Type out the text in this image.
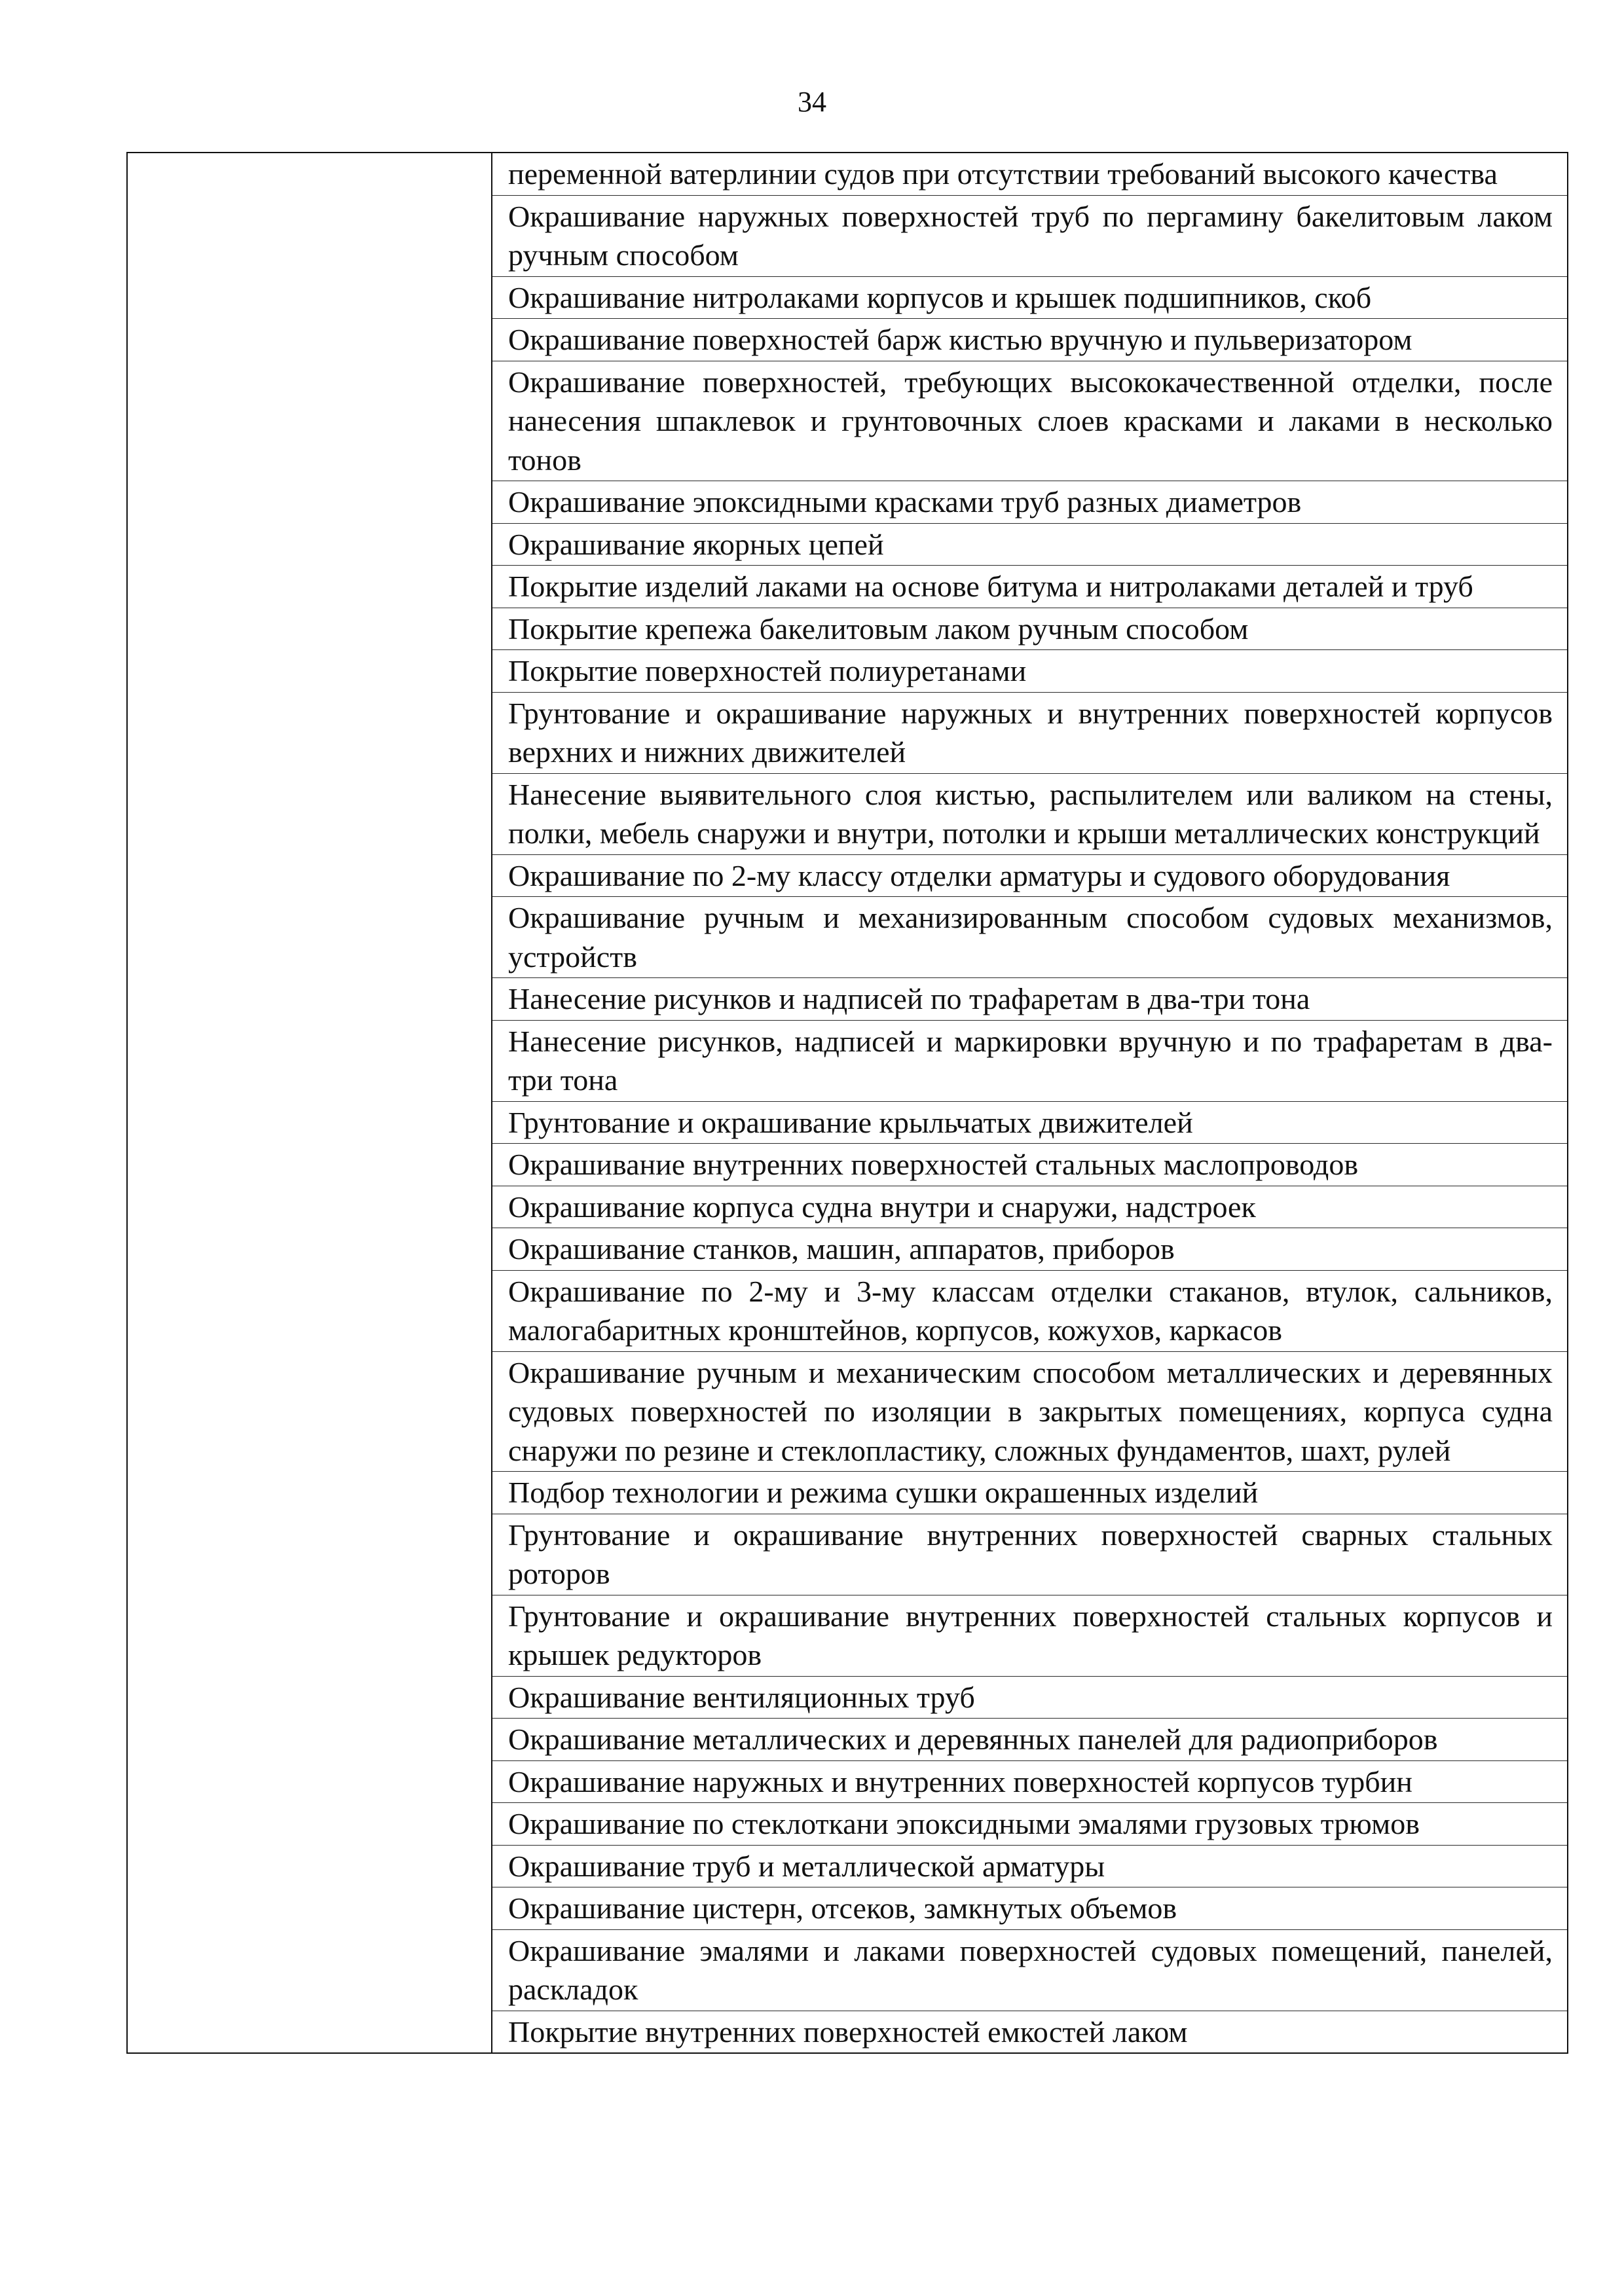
34
переменной ватерлинии судов при отсутствии требований высокого качества
Окрашивание наружных поверхностей труб по пергамину бакелитовым лаком ручным способом
Окрашивание нитролаками корпусов и крышек подшипников, скоб
Окрашивание поверхностей барж кистью вручную и пульверизатором
Окрашивание поверхностей, требующих высококачественной отделки, после нанесения шпаклевок и грунтовочных слоев красками и лаками в несколько тонов
Окрашивание эпоксидными красками труб разных диаметров
Окрашивание якорных цепей
Покрытие изделий лаками на основе битума и нитролаками деталей и труб
Покрытие крепежа бакелитовым лаком ручным способом
Покрытие поверхностей полиуретанами
Грунтование и окрашивание наружных и внутренних поверхностей корпусов верхних и нижних движителей
Нанесение выявительного слоя кистью, распылителем или валиком на стены, полки, мебель снаружи и внутри, потолки и крыши металлических конструкций
Окрашивание по 2-му классу отделки арматуры и судового оборудования
Окрашивание ручным и механизированным способом судовых механизмов, устройств
Нанесение рисунков и надписей по трафаретам в два-три тона
Нанесение рисунков, надписей и маркировки вручную и по трафаретам в два-три тона
Грунтование и окрашивание крыльчатых движителей
Окрашивание внутренних поверхностей стальных маслопроводов
Окрашивание корпуса судна внутри и снаружи, надстроек
Окрашивание станков, машин, аппаратов, приборов
Окрашивание по 2-му и 3-му классам отделки стаканов, втулок, сальников, малогабаритных кронштейнов, корпусов, кожухов, каркасов
Окрашивание ручным и механическим способом металлических и деревянных судовых поверхностей по изоляции в закрытых помещениях, корпуса судна снаружи по резине и стеклопластику, сложных фундаментов, шахт, рулей
Подбор технологии и режима сушки окрашенных изделий
Грунтование и окрашивание внутренних поверхностей сварных стальных роторов
Грунтование и окрашивание внутренних поверхностей стальных корпусов и крышек редукторов
Окрашивание вентиляционных труб
Окрашивание металлических и деревянных панелей для радиоприборов
Окрашивание наружных и внутренних поверхностей корпусов турбин
Окрашивание по стеклоткани эпоксидными эмалями грузовых трюмов
Окрашивание труб и металлической арматуры
Окрашивание цистерн, отсеков, замкнутых объемов
Окрашивание эмалями и лаками поверхностей судовых помещений, панелей, раскладок
Покрытие внутренних поверхностей емкостей лаком
